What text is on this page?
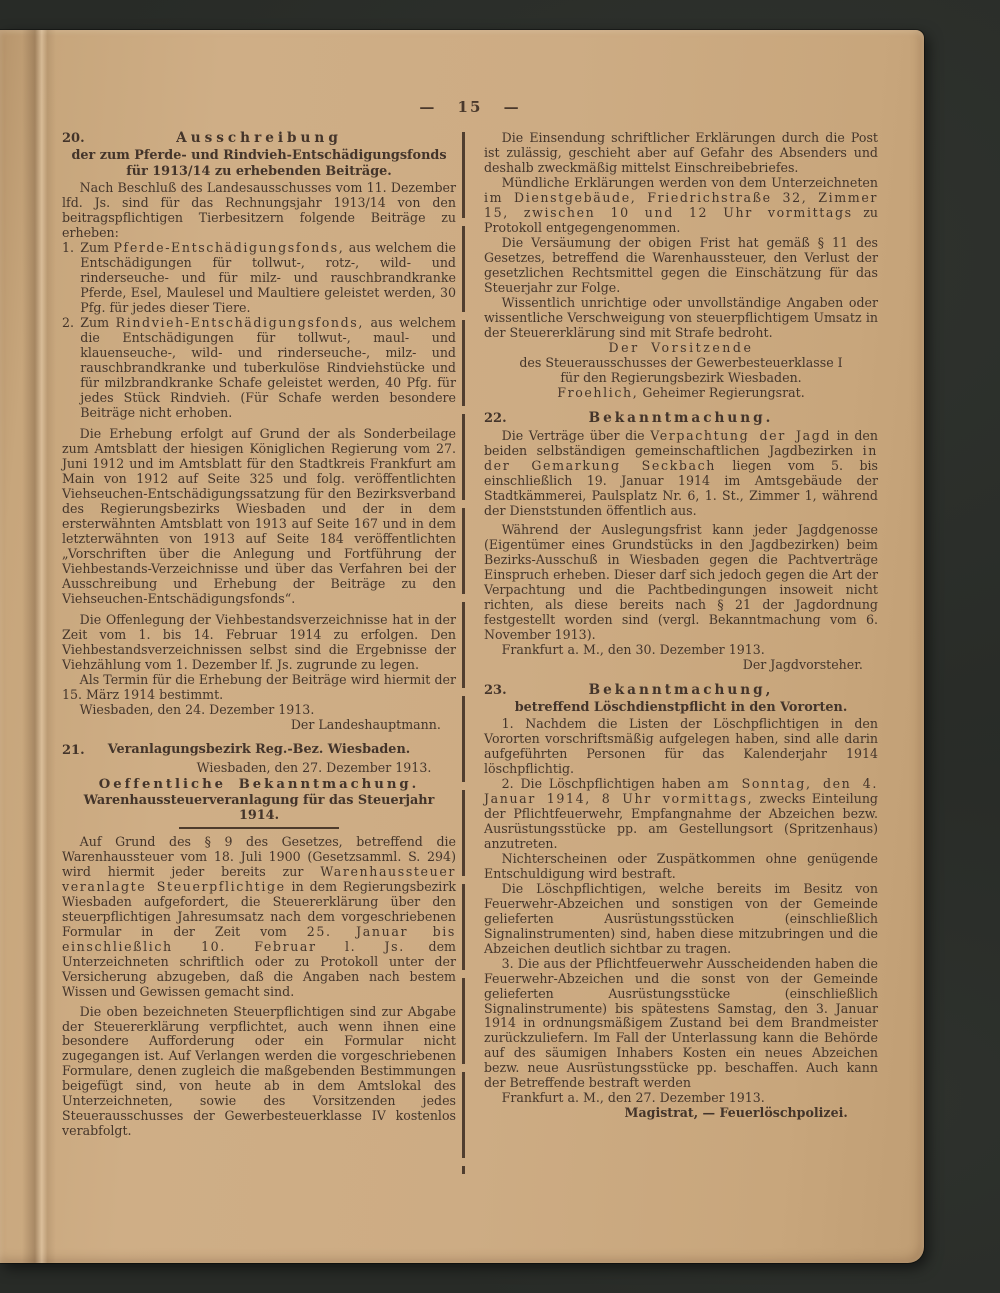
— 15 —
20.	Ausschreibung
der zum Pferde- und Rindvieh-Entschädigungsfonds für 1913/14 zu erhebenden Beiträge.

Nach Beschluß des Landesausschusses vom 11. Dezember lfd. Js. sind für das Rechnungsjahr 1913/14 von den beitragspflichtigen Tierbesitzern folgende Beiträge zu erheben:

1. Zum Pferde-Entschädigungsfonds, aus welchem die Entschädigungen für tollwut-, rotz-, wild- und rinderseuche- und für milz- und rauschbrandkranke Pferde, Esel, Maulesel und Maultiere geleistet werden, 30 Pfg. für jedes dieser Tiere.

2. Zum Rindvieh-Entschädigungsfonds, aus welchem die Entschädigungen für tollwut-, maul- und klauenseuche-, wild- und rinderseuche-, milz- und rauschbrandkranke und tuberkulöse Rindviehstücke und für milzbrandkranke Schafe geleistet werden, 40 Pfg. für jedes Stück Rindvieh. (Für Schafe werden besondere Beiträge nicht erhoben.

Die Erhebung erfolgt auf Grund der als Sonderbeilage zum Amtsblatt der hiesigen Königlichen Regierung vom 27. Juni 1912 und im Amtsblatt für den Stadtkreis Frankfurt am Main von 1912 auf Seite 325 und folg. veröffentlichten Viehseuchen-Entschädigungssatzung für den Bezirksverband des Regierungsbezirks Wiesbaden und der in dem ersterwähnten Amtsblatt von 1913 auf Seite 167 und in dem letzterwähnten von 1913 auf Seite 184 veröffentlichten „Vorschriften über die Anlegung und Fortführung der Viehbestands-Verzeichnisse und über das Verfahren bei der Ausschreibung und Erhebung der Beiträge zu den Viehseuchen-Entschädigungsfonds“.

Die Offenlegung der Viehbestandsverzeichnisse hat in der Zeit vom 1. bis 14. Februar 1914 zu erfolgen. Den Viehbestandsverzeichnissen selbst sind die Ergebnisse der Viehzählung vom 1. Dezember lf. Js. zugrunde zu legen.

Als Termin für die Erhebung der Beiträge wird hiermit der 15. März 1914 bestimmt.

Wiesbaden, den 24. Dezember 1913.

Der Landeshauptmann.

21.	Veranlagungsbezirk Reg.-Bez. Wiesbaden.

Wiesbaden, den 27. Dezember 1913.

Oeffentliche Bekanntmachung.
Warenhaussteuerveranlagung für das Steuerjahr 1914.

Auf Grund des § 9 des Gesetzes, betreffend die Warenhaussteuer vom 18. Juli 1900 (Gesetzsamml. S. 294) wird hiermit jeder bereits zur Warenhaussteuer veranlagte Steuerpflichtige in dem Regierungsbezirk Wiesbaden aufgefordert, die Steuererklärung über den steuerpflichtigen Jahresumsatz nach dem vorgeschriebenen Formular in der Zeit vom 25. Januar bis einschließlich 10. Februar l. Js. dem Unterzeichneten schriftlich oder zu Protokoll unter der Versicherung abzugeben, daß die Angaben nach bestem Wissen und Gewissen gemacht sind.

Die oben bezeichneten Steuerpflichtigen sind zur Abgabe der Steuererklärung verpflichtet, auch wenn ihnen eine besondere Aufforderung oder ein Formular nicht zugegangen ist. Auf Verlangen werden die vorgeschriebenen Formulare, denen zugleich die maßgebenden Bestimmungen beigefügt sind, von heute ab in dem Amtslokal des Unterzeichneten, sowie des Vorsitzenden jedes Steuerausschusses der Gewerbesteuerklasse IV kostenlos verabfolgt.

Die Einsendung schriftlicher Erklärungen durch die Post ist zulässig, geschieht aber auf Gefahr des Absenders und deshalb zweckmäßig mittelst Einschreibebriefes.

Mündliche Erklärungen werden von dem Unterzeichneten im Dienstgebäude, Friedrichstraße 32, Zimmer 15, zwischen 10 und 12 Uhr vormittags zu Protokoll entgegengenommen.

Die Versäumung der obigen Frist hat gemäß § 11 des Gesetzes, betreffend die Warenhaussteuer, den Verlust der gesetzlichen Rechtsmittel gegen die Einschätzung für das Steuerjahr zur Folge.

Wissentlich unrichtige oder unvollständige Angaben oder wissentliche Verschweigung von steuerpflichtigem Umsatz in der Steuererklärung sind mit Strafe bedroht.

Der Vorsitzende

des Steuerausschusses der Gewerbesteuerklasse I

für den Regierungsbezirk Wiesbaden.

Froehlich, Geheimer Regierungsrat.

22.	Bekanntmachung.

Die Verträge über die Verpachtung der Jagd in den beiden selbständigen gemeinschaftlichen Jagdbezirken in der Gemarkung Seckbach liegen vom 5. bis einschließlich 19. Januar 1914 im Amtsgebäude der Stadtkämmerei, Paulsplatz Nr. 6, 1. St., Zimmer 1, während der Dienststunden öffentlich aus.

Während der Auslegungsfrist kann jeder Jagdgenosse (Eigentümer eines Grundstücks in den Jagdbezirken) beim Bezirks-Ausschuß in Wiesbaden gegen die Pachtverträge Einspruch erheben. Dieser darf sich jedoch gegen die Art der Verpachtung und die Pachtbedingungen insoweit nicht richten, als diese bereits nach § 21 der Jagdordnung festgestellt worden sind (vergl. Bekanntmachung vom 6. November 1913).

Frankfurt a. M., den 30. Dezember 1913.

Der Jagdvorsteher.

23.	Bekanntmachung,
betreffend Löschdienstpflicht in den Vororten.

1. Nachdem die Listen der Löschpflichtigen in den Vororten vorschriftsmäßig aufgelegen haben, sind alle darin aufgeführten Personen für das Kalenderjahr 1914 löschpflichtig.

2. Die Löschpflichtigen haben am Sonntag, den 4. Januar 1914, 8 Uhr vormittags, zwecks Einteilung der Pflichtfeuerwehr, Empfangnahme der Abzeichen bezw. Ausrüstungsstücke pp. am Gestellungsort (Spritzenhaus) anzutreten.

Nichterscheinen oder Zuspätkommen ohne genügende Entschuldigung wird bestraft.

Die Löschpflichtigen, welche bereits im Besitz von Feuerwehr-Abzeichen und sonstigen von der Gemeinde gelieferten Ausrüstungsstücken (einschließlich Signalinstrumenten) sind, haben diese mitzubringen und die Abzeichen deutlich sichtbar zu tragen.

3. Die aus der Pflichtfeuerwehr Ausscheidenden haben die Feuerwehr-Abzeichen und die sonst von der Gemeinde gelieferten Ausrüstungsstücke (einschließlich Signalinstrumente) bis spätestens Samstag, den 3. Januar 1914 in ordnungsmäßigem Zustand bei dem Brandmeister zurückzuliefern. Im Fall der Unterlassung kann die Behörde auf des säumigen Inhabers Kosten ein neues Abzeichen bezw. neue Ausrüstungsstücke pp. beschaffen. Auch kann der Betreffende bestraft werden

Frankfurt a. M., den 27. Dezember 1913.

Magistrat, — Feuerlöschpolizei.
